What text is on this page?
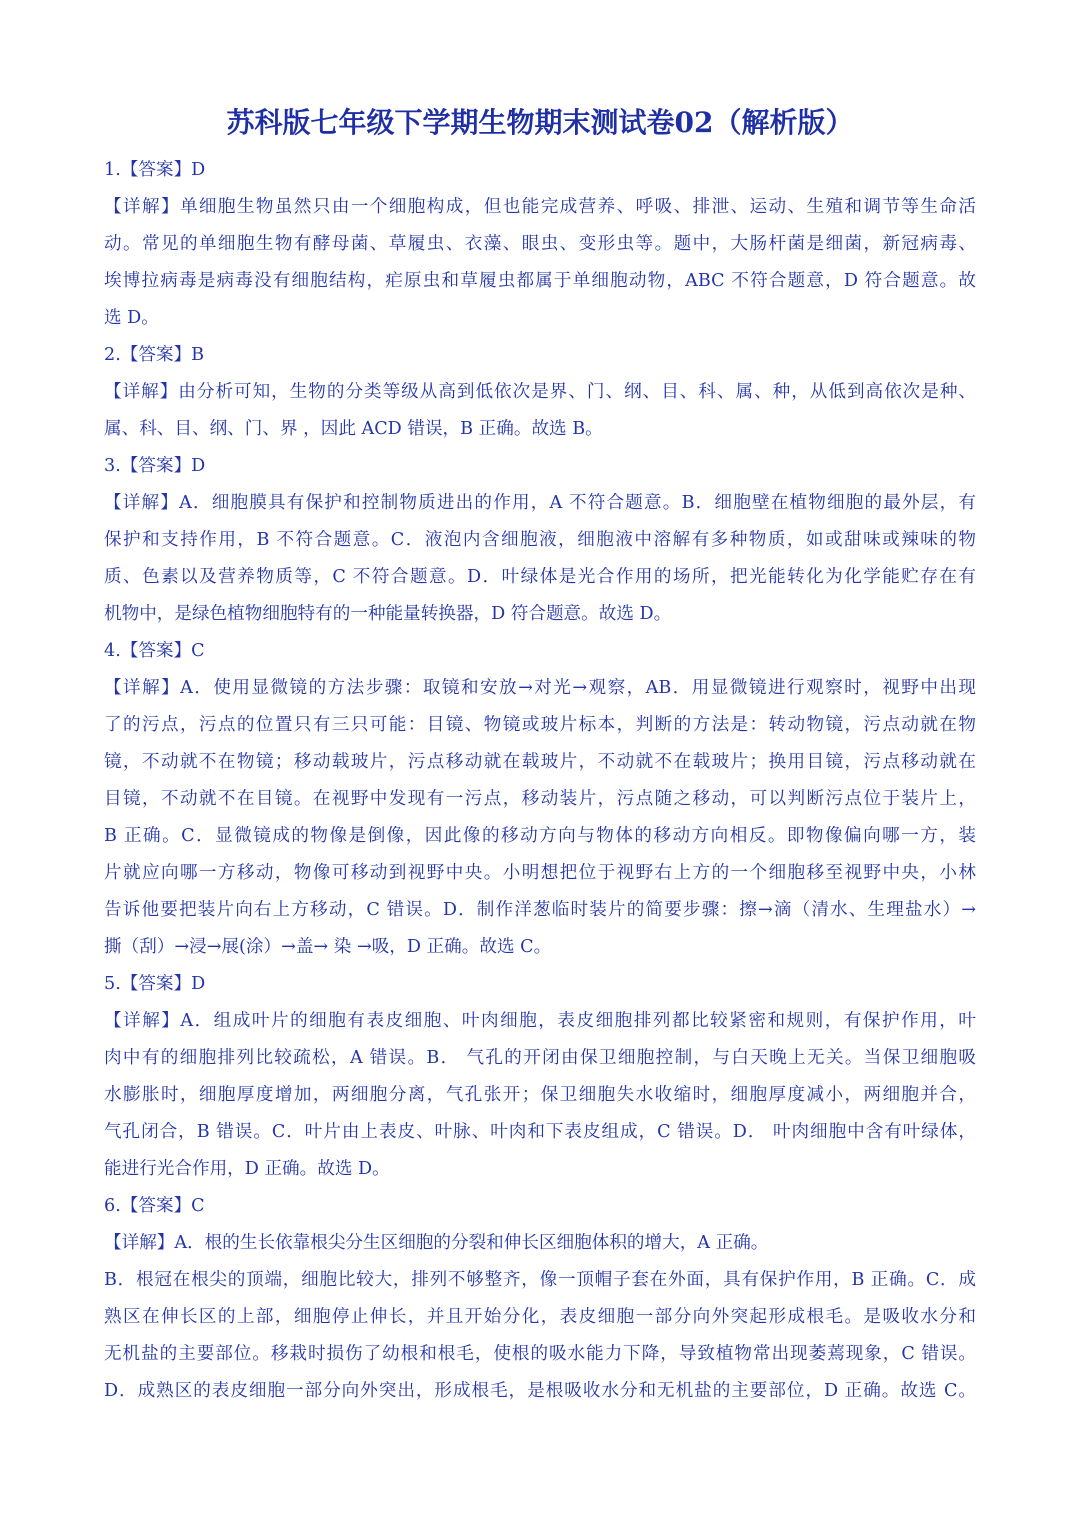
苏科版七年级下学期生物期末测试卷02（解析版）
1.【答案】D
【详解】单细胞生物虽然只由一个细胞构成，但也能完成营养、呼吸、排泄、运动、生殖和调节等生命活
动。常见的单细胞生物有酵母菌、草履虫、衣藻、眼虫、变形虫等。题中，大肠杆菌是细菌，新冠病毒、
埃博拉病毒是病毒没有细胞结构，疟原虫和草履虫都属于单细胞动物，ABC 不符合题意，D 符合题意。故
选 D。
2.【答案】B
【详解】由分析可知，生物的分类等级从高到低依次是界、门、纲、目、科、属、种，从低到高依次是种、
属、科、目、纲、门、界 ，因此 ACD 错误，B 正确。故选 B。
3.【答案】D
【详解】A．细胞膜具有保护和控制物质进出的作用，A 不符合题意。B．细胞壁在植物细胞的最外层，有
保护和支持作用，B 不符合题意。C．液泡内含细胞液，细胞液中溶解有多种物质，如或甜味或辣味的物
质、色素以及营养物质等，C 不符合题意。D．叶绿体是光合作用的场所，把光能转化为化学能贮存在有
机物中，是绿色植物细胞特有的一种能量转换器，D 符合题意。故选 D。
4.【答案】C
【详解】A．使用显微镜的方法步骤：取镜和安放→对光→观察，AB．用显微镜进行观察时，视野中出现
了的污点，污点的位置只有三只可能：目镜、物镜或玻片标本，判断的方法是：转动物镜，污点动就在物
镜，不动就不在物镜；移动载玻片，污点移动就在载玻片，不动就不在载玻片；换用目镜，污点移动就在
目镜，不动就不在目镜。在视野中发现有一污点，移动装片，污点随之移动，可以判断污点位于装片上，
B 正确。C．显微镜成的物像是倒像，因此像的移动方向与物体的移动方向相反。即物像偏向哪一方，装
片就应向哪一方移动，物像可移动到视野中央。小明想把位于视野右上方的一个细胞移至视野中央，小林
告诉他要把装片向右上方移动，C 错误。D．制作洋葱临时装片的简要步骤：擦→滴（清水、生理盐水）→
撕（刮）→浸→展(涂）→盖→ 染 →吸，D 正确。故选 C。
5.【答案】D
【详解】A．组成叶片的细胞有表皮细胞、叶肉细胞，表皮细胞排列都比较紧密和规则，有保护作用，叶
肉中有的细胞排列比较疏松，A 错误。B． 气孔的开闭由保卫细胞控制，与白天晚上无关。当保卫细胞吸
水膨胀时，细胞厚度增加，两细胞分离，气孔张开；保卫细胞失水收缩时，细胞厚度减小，两细胞并合，
气孔闭合，B 错误。C．叶片由上表皮、叶脉、叶肉和下表皮组成，C 错误。D． 叶肉细胞中含有叶绿体，
能进行光合作用，D 正确。故选 D。
6.【答案】C
【详解】A．根的生长依靠根尖分生区细胞的分裂和伸长区细胞体积的增大，A 正确。
B．根冠在根尖的顶端，细胞比较大，排列不够整齐，像一顶帽子套在外面，具有保护作用，B 正确。C．成
熟区在伸长区的上部，细胞停止伸长，并且开始分化，表皮细胞一部分向外突起形成根毛。是吸收水分和
无机盐的主要部位。移栽时损伤了幼根和根毛，使根的吸水能力下降，导致植物常出现萎蔫现象，C 错误。
D．成熟区的表皮细胞一部分向外突出，形成根毛，是根吸收水分和无机盐的主要部位，D 正确。故选 C。
